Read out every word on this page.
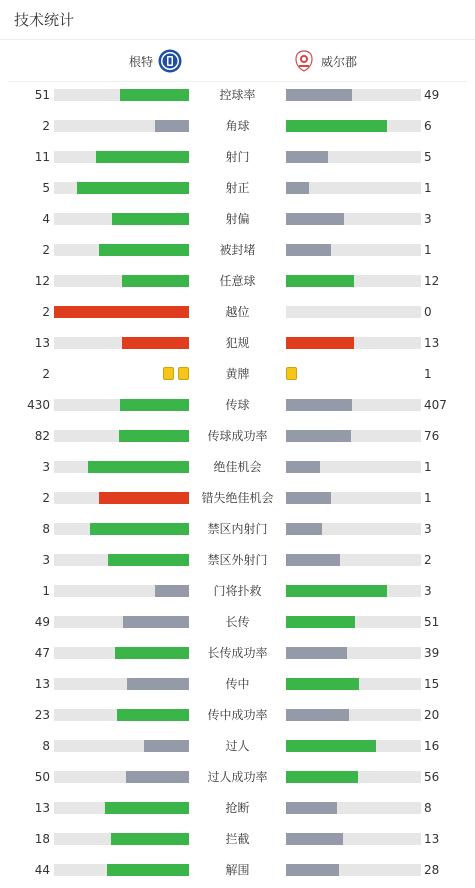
技术统计
根特	威尔郡
51	控球率	49
2	角球	6
11	射门	5
5	射正	1
4	射偏	3
2	被封堵	1
12	任意球	12
2	越位	0
13	犯规	13
2	黄牌	1
430	传球	407
82	传球成功率	76
3	绝佳机会	1
2	错失绝佳机会	1
8	禁区内射门	3
3	禁区外射门	2
1	门将扑救	3
49	长传	51
47	长传成功率	39
13	传中	15
23	传中成功率	20
8	过人	16
50	过人成功率	56
13	抢断	8
18	拦截	13
44	解围	28
